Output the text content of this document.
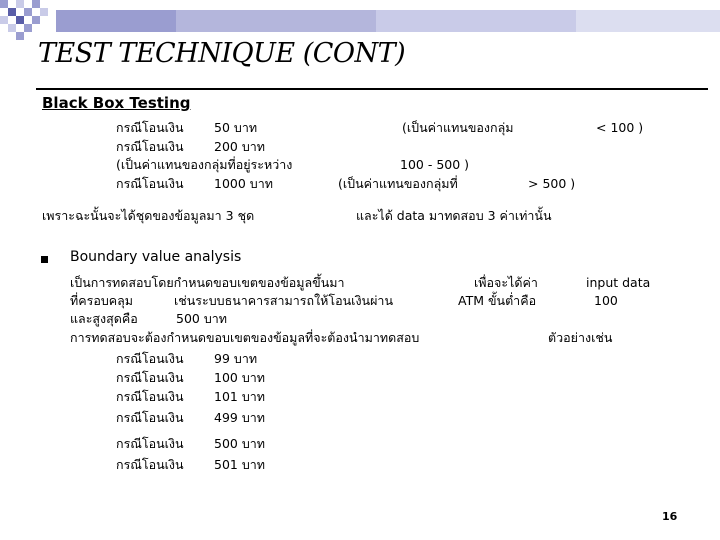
TEST TECHNIQUE (CONT)
Black Box Testing
กรณีโอนเงิน 50 บาท	(เป็นค่าแทนของกลุ่ม	< 100 )
กรณีโอนเงิน 200 บาท
(เป็นค่าแทนของกลุ่มที่อยู่ระหว่าง	100 - 500 )
กรณีโอนเงิน 1000 บาท	(เป็นค่าแทนของกลุ่มที่	> 500 )
เพราะฉะนั้นจะได้ชุดของข้อมูลมา 3 ชุด	และได้ data มาทดสอบ 3 ค่าเท่านั้น
Boundary value analysis
เป็นการทดสอบโดยกำหนดขอบเขตของข้อมูลขึ้นมา	เพื่อจะได้ค่า	input data
ที่ครอบคลุม	เช่นระบบธนาคารสามารถให้โอนเงินผ่าน	ATM ขั้นต่ำคือ	100
และสูงสุดคือ	500 บาท
การทดสอบจะต้องกำหนดขอบเขตของข้อมูลที่จะต้องนำมาทดสอบ	ตัวอย่างเช่น
กรณีโอนเงิน 99 บาท
กรณีโอนเงิน 100 บาท
กรณีโอนเงิน 101 บาท
กรณีโอนเงิน 499 บาท
กรณีโอนเงิน 500 บาท
กรณีโอนเงิน 501 บาท
16
